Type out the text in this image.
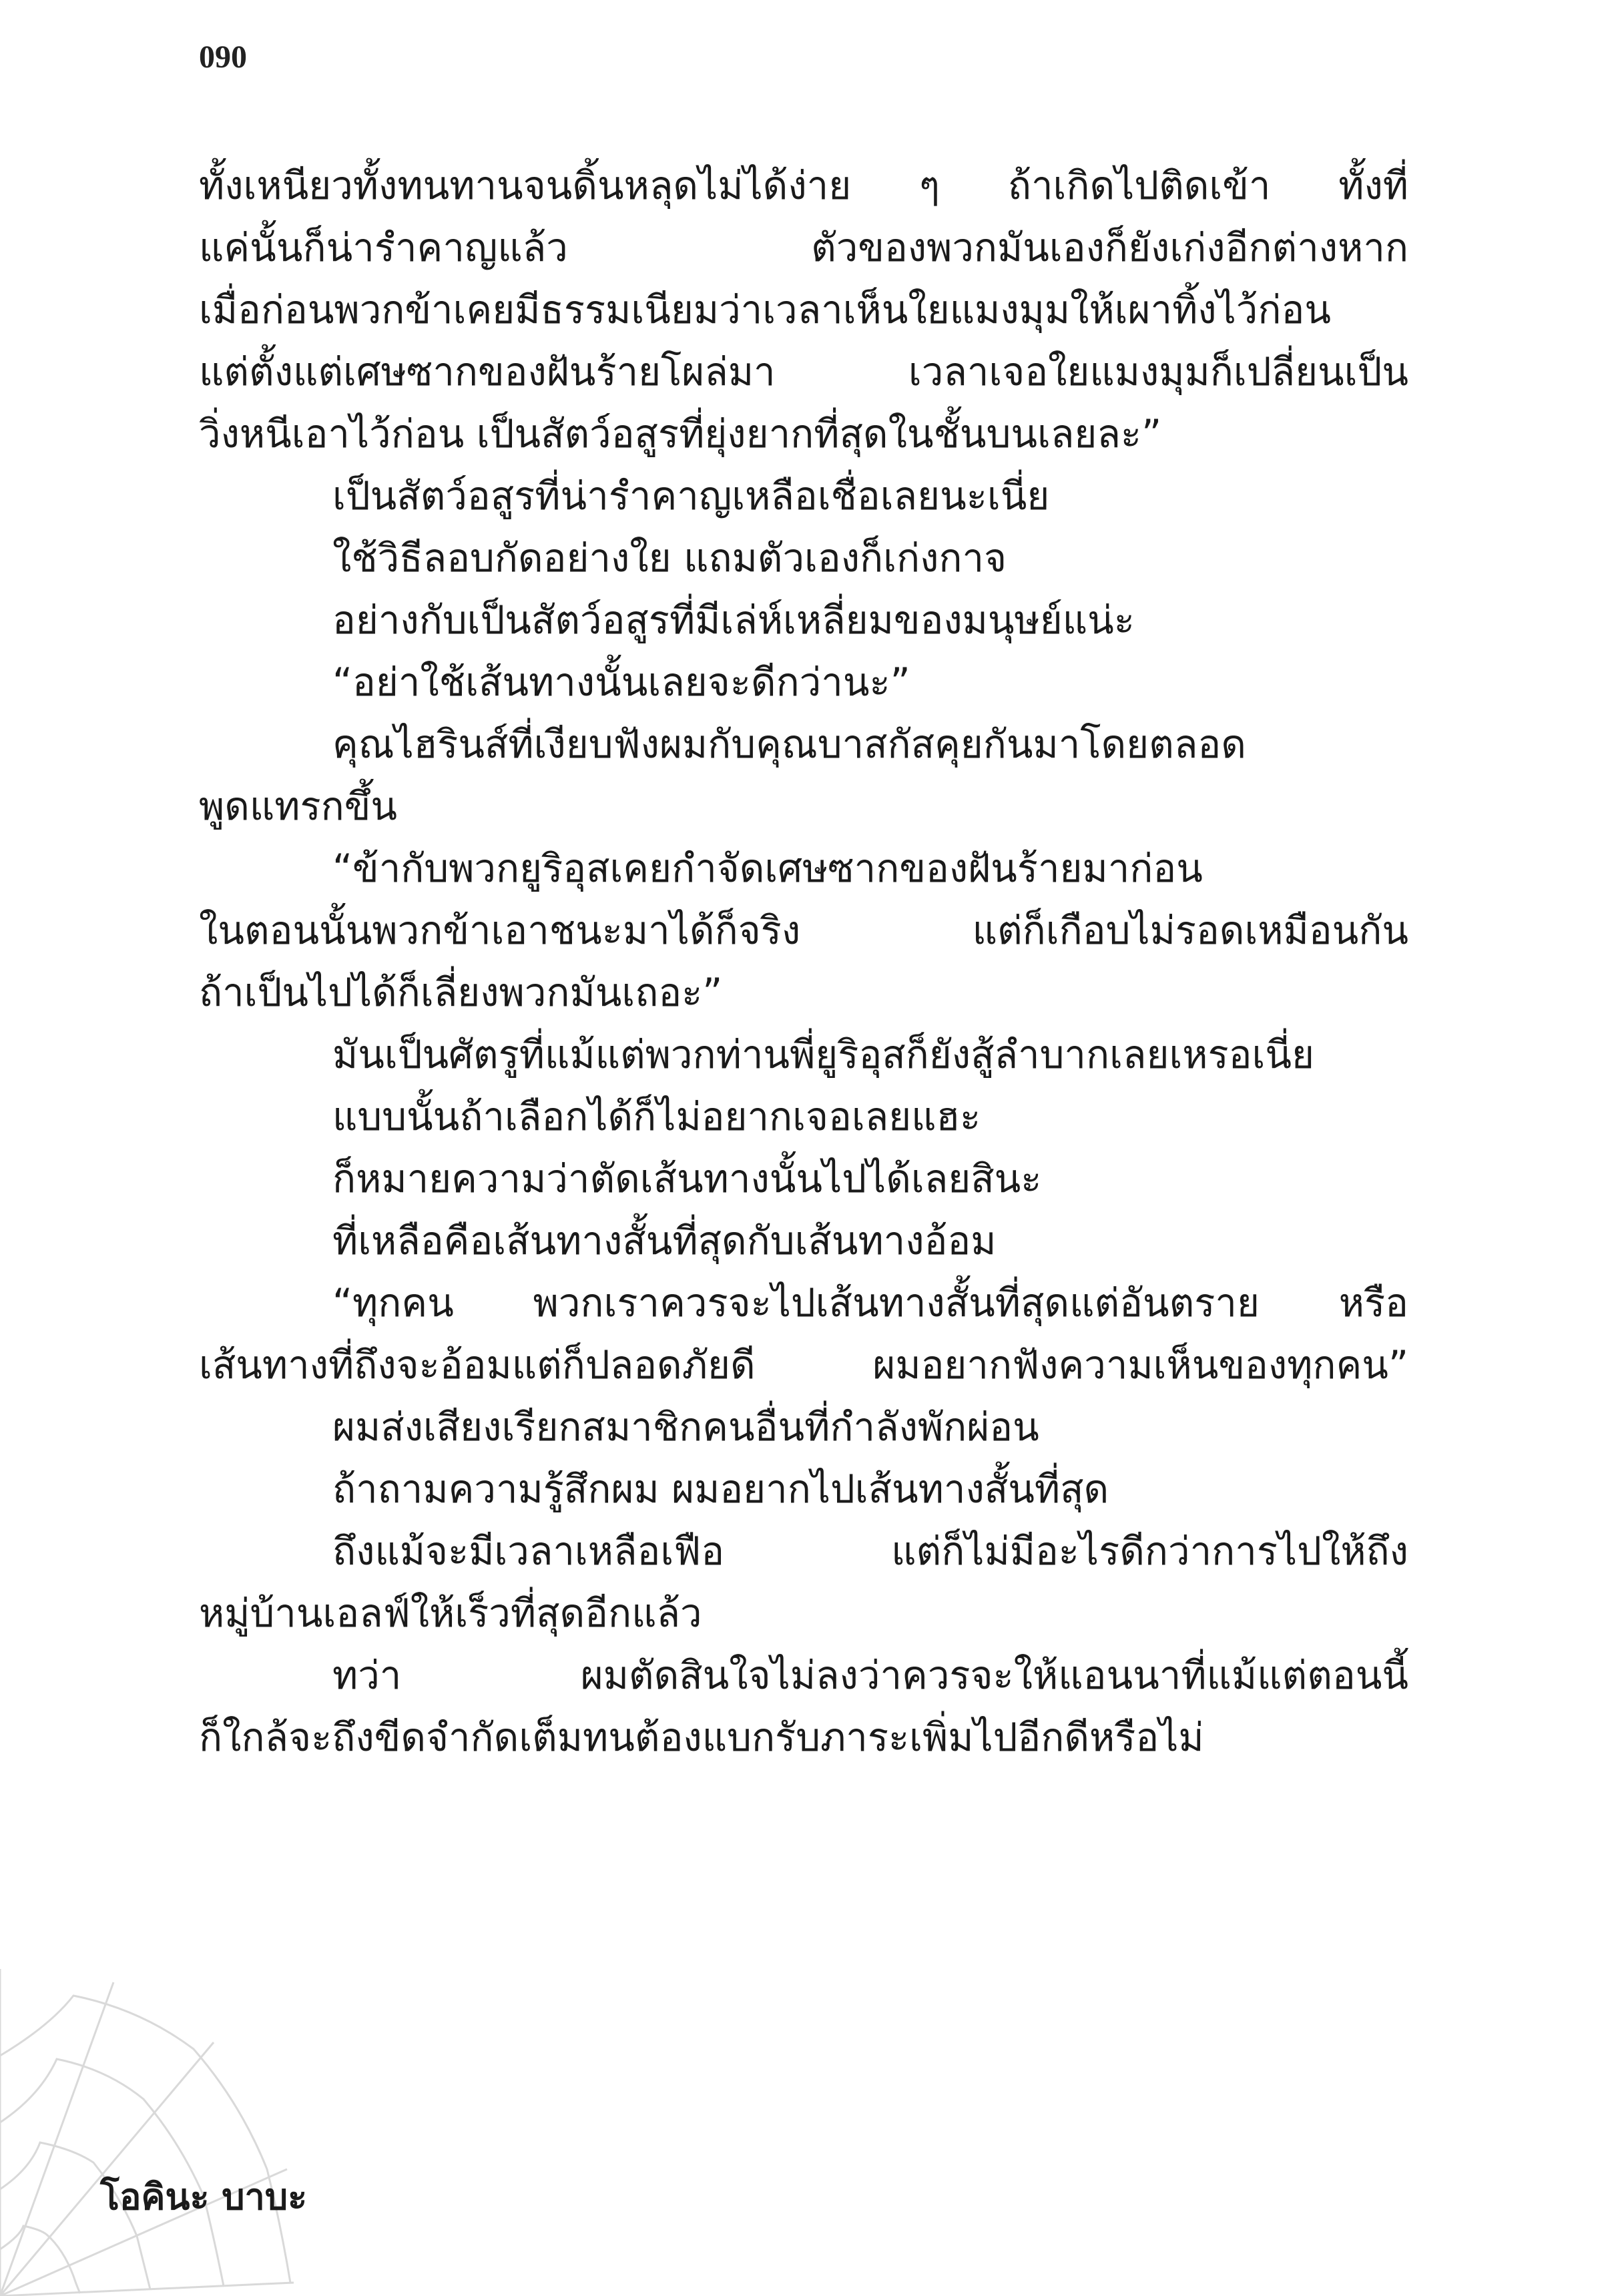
090
ทั้งเหนียวทั้งทนทานจนดิ้นหลุดไม่ได้ง่าย ๆ ถ้าเกิดไปติดเข้า ทั้งที่
แค่นั้นก็น่ารำคาญแล้ว ตัวของพวกมันเองก็ยังเก่งอีกต่างหาก
เมื่อก่อนพวกข้าเคยมีธรรมเนียมว่าเวลาเห็นใยแมงมุมให้เผาทิ้งไว้ก่อน
แต่ตั้งแต่เศษซากของฝันร้ายโผล่มา เวลาเจอใยแมงมุมก็เปลี่ยนเป็น
วิ่งหนีเอาไว้ก่อน เป็นสัตว์อสูรที่ยุ่งยากที่สุดในชั้นบนเลยละ”
เป็นสัตว์อสูรที่น่ารำคาญเหลือเชื่อเลยนะเนี่ย
ใช้วิธีลอบกัดอย่างใย แถมตัวเองก็เก่งกาจ
อย่างกับเป็นสัตว์อสูรที่มีเล่ห์เหลี่ยมของมนุษย์แน่ะ
“อย่าใช้เส้นทางนั้นเลยจะดีกว่านะ”
คุณไฮรินส์ที่เงียบฟังผมกับคุณบาสกัสคุยกันมาโดยตลอด
พูดแทรกขึ้น
“ข้ากับพวกยูริอุสเคยกำจัดเศษซากของฝันร้ายมาก่อน
ในตอนนั้นพวกข้าเอาชนะมาได้ก็จริง แต่ก็เกือบไม่รอดเหมือนกัน
ถ้าเป็นไปได้ก็เลี่ยงพวกมันเถอะ”
มันเป็นศัตรูที่แม้แต่พวกท่านพี่ยูริอุสก็ยังสู้ลำบากเลยเหรอเนี่ย
แบบนั้นถ้าเลือกได้ก็ไม่อยากเจอเลยแฮะ
ก็หมายความว่าตัดเส้นทางนั้นไปได้เลยสินะ
ที่เหลือคือเส้นทางสั้นที่สุดกับเส้นทางอ้อม
“ทุกคน พวกเราควรจะไปเส้นทางสั้นที่สุดแต่อันตราย หรือ
เส้นทางที่ถึงจะอ้อมแต่ก็ปลอดภัยดี ผมอยากฟังความเห็นของทุกคน”
ผมส่งเสียงเรียกสมาชิกคนอื่นที่กำลังพักผ่อน
ถ้าถามความรู้สึกผม ผมอยากไปเส้นทางสั้นที่สุด
ถึงแม้จะมีเวลาเหลือเฟือ แต่ก็ไม่มีอะไรดีกว่าการไปให้ถึง
หมู่บ้านเอลฟ์ให้เร็วที่สุดอีกแล้ว
ทว่า ผมตัดสินใจไม่ลงว่าควรจะให้แอนนาที่แม้แต่ตอนนี้
ก็ใกล้จะถึงขีดจำกัดเต็มทนต้องแบกรับภาระเพิ่มไปอีกดีหรือไม่
โอคินะ บาบะ
